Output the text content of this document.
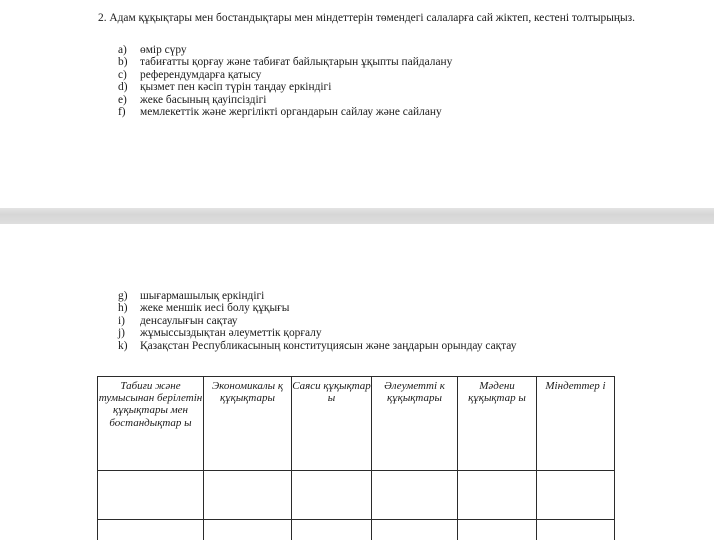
2. Адам құқықтары мен бостандықтары мен міндеттерін төмендегі салаларға сай жіктеп, кестені толтырыңыз.
a) өмір сүру
b) табиғатты қорғау және табиғат байлықтарын ұқыпты пайдалану
c) референдумдарға қатысу
d) қызмет пен кәсіп түрін таңдау еркіндігі
e) жеке басының қауіпсіздігі
f) мемлекеттік және жергілікті органдарын сайлау және сайлану
g) шығармашылық еркіндігі
h) жеке меншік иесі болу құқығы
i) денсаулығын сақтау
j) жұмыссыздықтан әлеуметтік қорғалу
k) Қазақстан Республикасының конституциясын және заңдарын орындау сақтау
Табиғи және тумысынан берілетін құқықтары мен бостандықтар ы	Экономикалы қ құқықтары	Саяси құқықтар ы	Әлеуметті к құқықтары	Мәдени құқықтар ы	Міндеттер і
